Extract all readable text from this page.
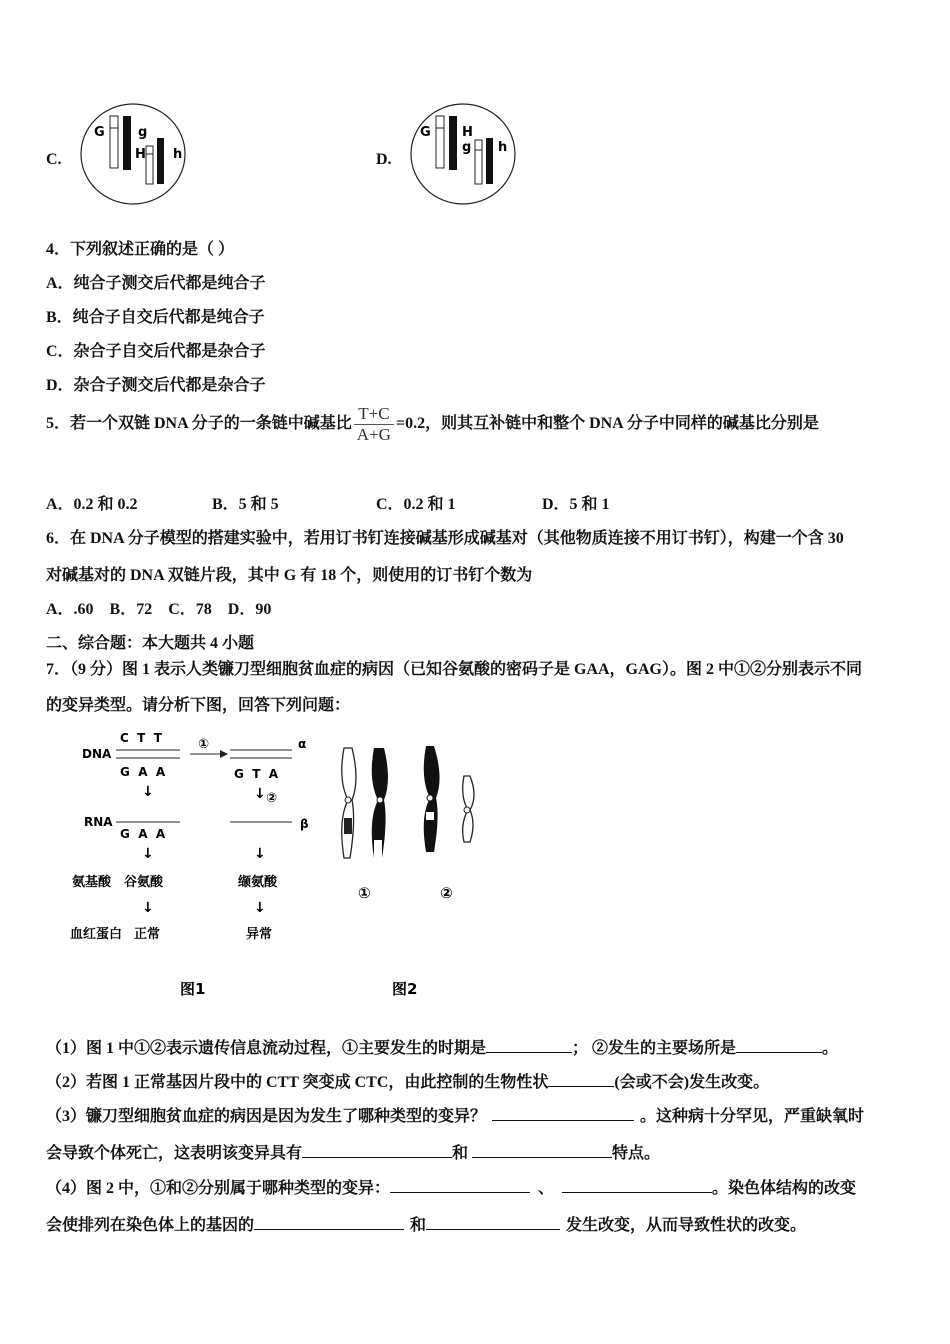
C.
G	g
H h	D.
G H
g h
4．下列叙述正确的是（ ）
A．纯合子测交后代都是纯合子
B．纯合子自交后代都是纯合子
C．杂合子自交后代都是杂合子
D．杂合子测交后代都是杂合子
5．若一个双链 DNA 分子的一条链中碱基比 $\frac{T+C}{A+G} =0.2$，则其互补链中和整个 DNA 分子中同样的碱基比分别是
A．0.2 和 0.2	B．5 和 5	C．0.2 和 1	D．5 和 1
6．在 DNA 分子模型的搭建实验中，若用订书钉连接碱基形成碱基对（其他物质连接不用订书钉），构建一个含 30
对碱基对的 DNA 双链片段，其中 G 有 18 个，则使用的订书钉个数为
A．.60    B．72    C．78    D．90
二、综合题：本大题共 4 小题
7．（9 分）图 1 表示人类镰刀型细胞贫血症的病因（已知谷氨酸的密码子是 GAA，GAG）。图 2 中①②分别表示不同
的变异类型。请分析下图，回答下列问题：
DNA
RNA
氨基酸
血红蛋白
C  T  T
G  A  A
↓
G  A  A
↓
谷氨酸
↓
正常
①	α
G  T  A
↓ ②
β
↓
缬氨酸
↓
异常
图1
①	②
图2
（1）图 1 中①②表示遗传信息流动过程，①主要发生的时期是	； ②发生的主要场所是	。
（2）若图 1 正常基因片段中的 CTT 突变成 CTC，由此控制的生物性状	(会或不会)发生改变。
（3）镰刀型细胞贫血症的病因是因为发生了哪种类型的变异？	。这种病十分罕见，严重缺氧时
会导致个体死亡，这表明该变异具有	和	特点。
（4）图 2 中，①和②分别属于哪种类型的变异：	、	。染色体结构的改变
会使排列在染色体上的基因的	和	发生改变，从而导致性状的改变。
